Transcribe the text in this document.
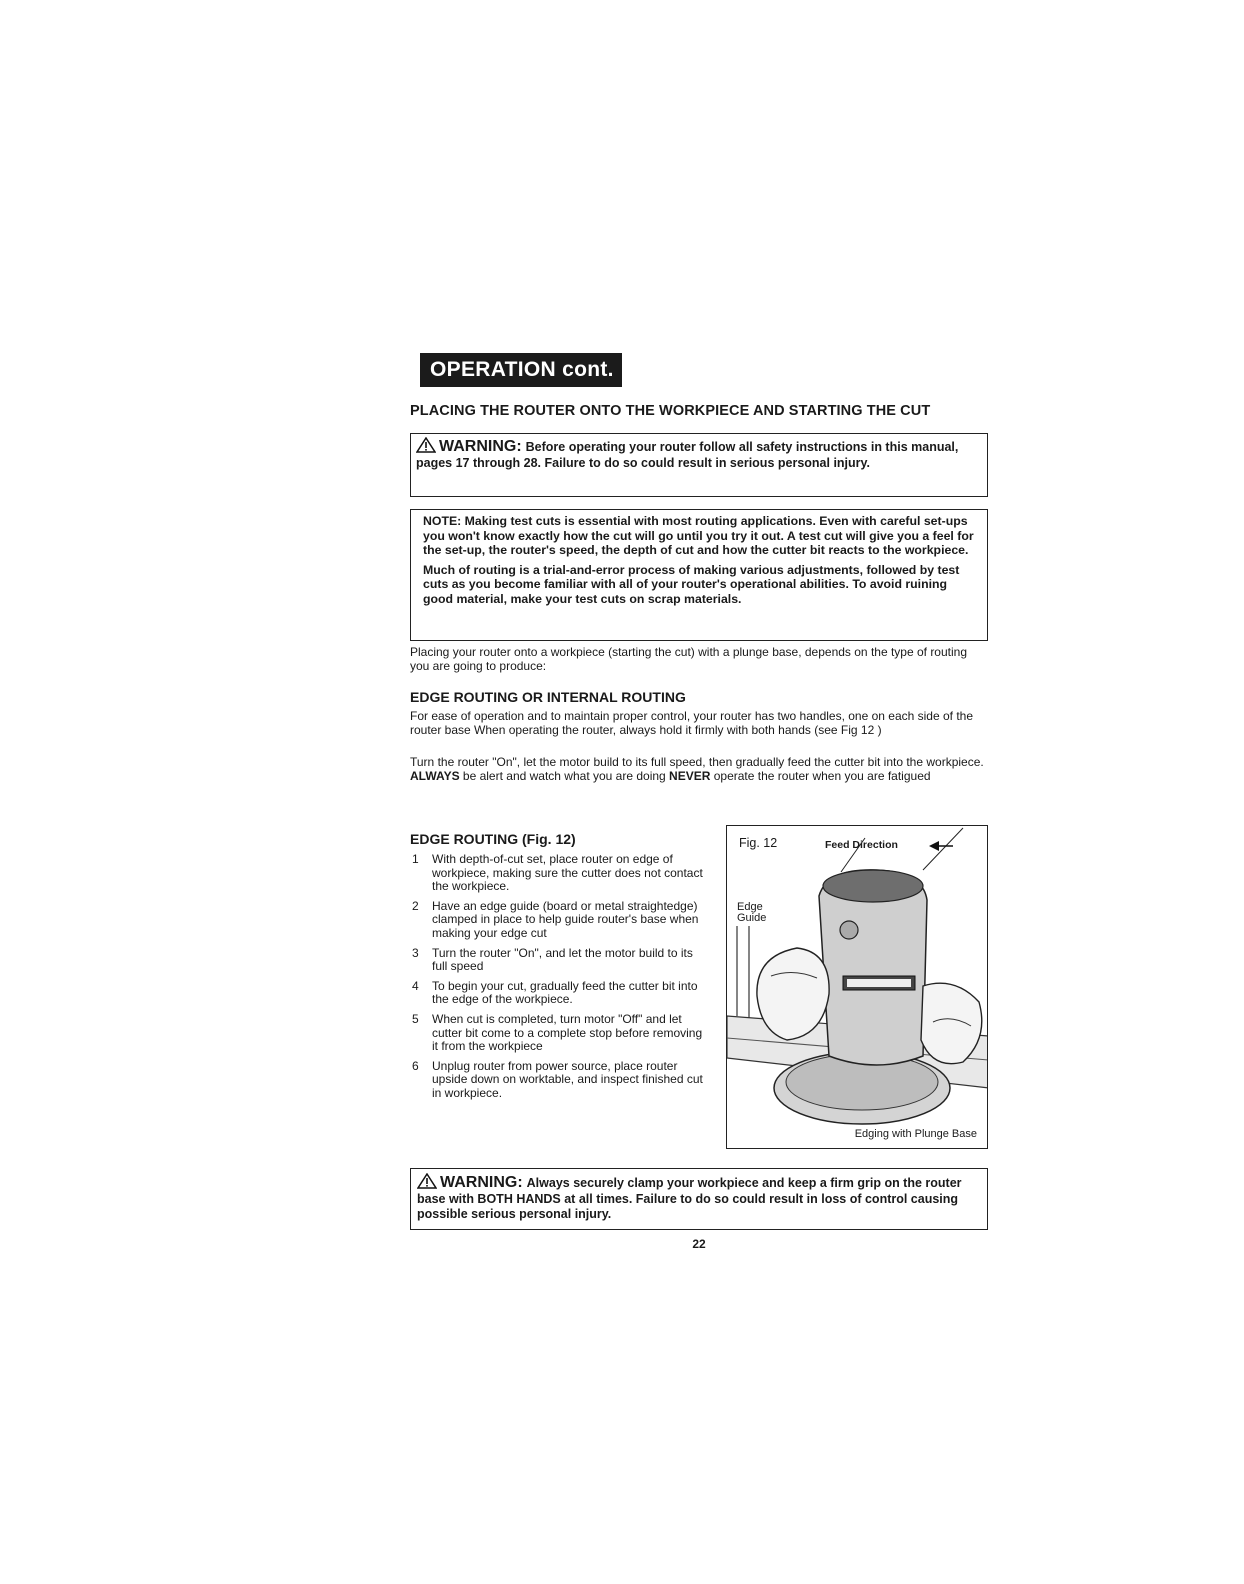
OPERATION cont.
PLACING THE ROUTER ONTO THE WORKPIECE AND STARTING THE CUT
WARNING: Before operating your router follow all safety instructions in this manual, pages 17 through 28. Failure to do so could result in serious personal injury.

NOTE: Making test cuts is essential with most routing applications. Even with careful set-ups you won't know exactly how the cut will go until you try it out. A test cut will give you a feel for the set-up, the router's speed, the depth of cut and how the cutter bit reacts to the workpiece.

Much of routing is a trial-and-error process of making various adjustments, followed by test cuts as you become familiar with all of your router's operational abilities. To avoid ruining good material, make your test cuts on scrap materials.

Placing your router onto a workpiece (starting the cut) with a plunge base, depends on the type of routing you are going to produce:

EDGE ROUTING OR INTERNAL ROUTING

For ease of operation and to maintain proper control, your router has two handles, one on each side of the router base When operating the router, always hold it firmly with both hands (see Fig 12 )

Turn the router "On", let the motor build to its full speed, then gradually feed the cutter bit into the workpiece. ALWAYS be alert and watch what you are doing NEVER operate the router when you are fatigued

EDGE ROUTING (Fig. 12)
1	With depth-of-cut set, place router on edge of workpiece, making sure the cutter does not contact the workpiece.
2	Have an edge guide (board or metal straightedge) clamped in place to help guide router's base when making your edge cut
3	Turn the router "On", and let the motor build to its full speed
4	To begin your cut, gradually feed the cutter bit into the edge of the workpiece.
5	When cut is completed, turn motor "Off" and let cutter bit come to a complete stop before removing it from the workpiece
6	Unplug router from power source, place router upside down on worktable, and inspect finished cut in workpiece.
Fig. 12	Feed Direction
Edge
Guide
Edging with Plunge Base
WARNING: Always securely clamp your workpiece and keep a firm grip on the router base with BOTH HANDS at all times. Failure to do so could result in loss of control causing possible serious personal injury.
22
